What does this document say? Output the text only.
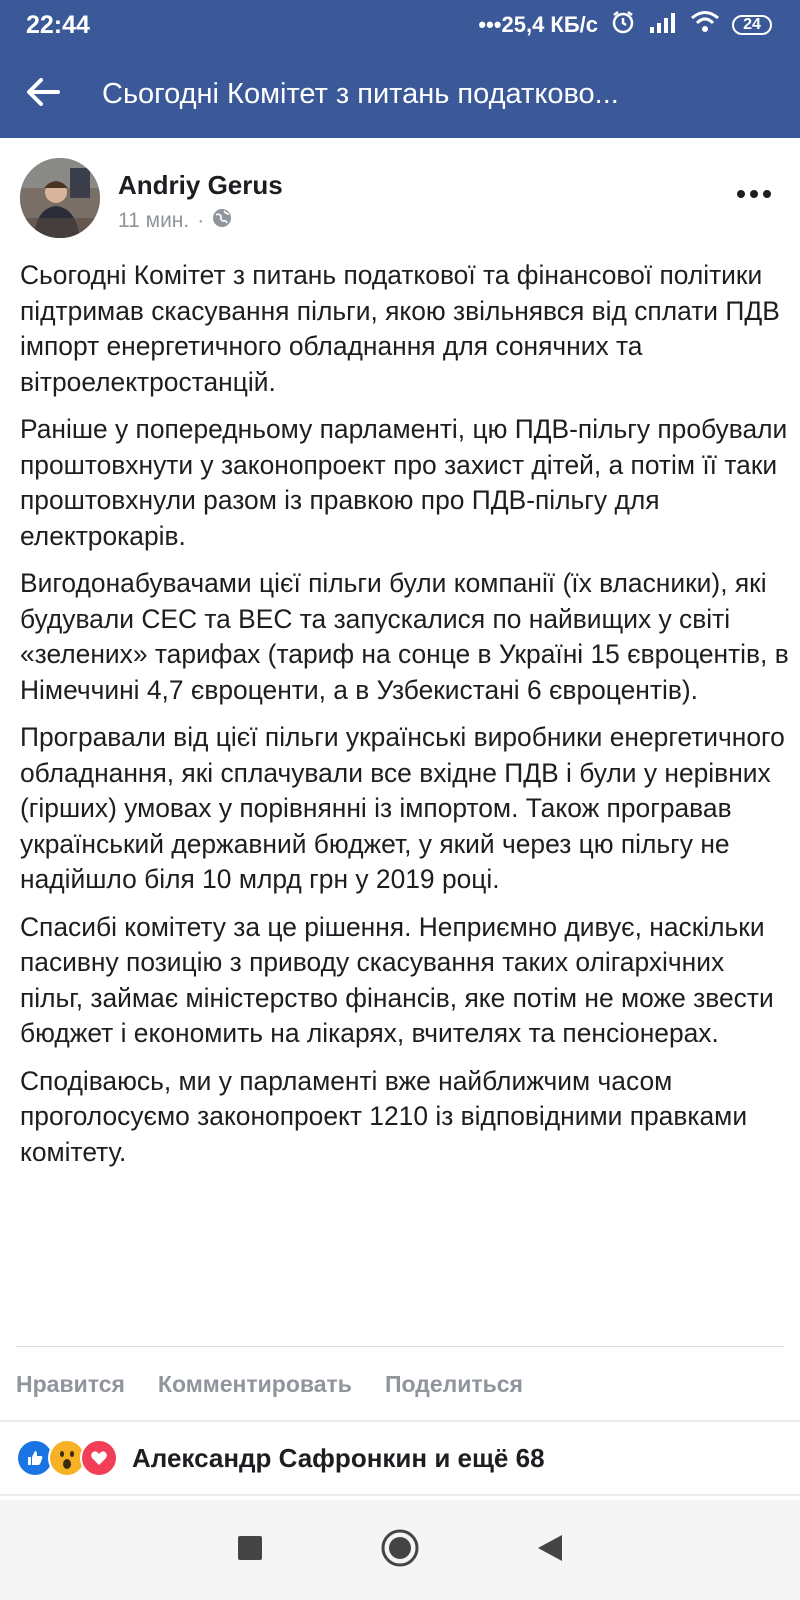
22:44	•••25,4 КБ/с	24
Сьогодні Комітет з питань податково...
Andriy Gerus
11 мин. ·

Сьогодні Комітет з питань податкової та фінансової політики підтримав скасування пільги, якою звільнявся від сплати ПДВ імпорт енергетичного обладнання для сонячних та вітроелектростанцій.

Раніше у попередньому парламенті, цю ПДВ-пільгу пробували проштовхнути у законопроект про захист дітей, а потім її таки проштовхнули разом із правкою про ПДВ-пільгу для електрокарів.

Вигодонабувачами цієї пільги були компанії (їх власники), які будували СЕС та ВЕС та запускалися по найвищих у світі «зелених» тарифах (тариф на сонце в Україні 15 євроцентів, в Німеччині 4,7 євроценти, а в Узбекистані 6 євроцентів).

Програвали від цієї пільги українські виробники енергетичного обладнання, які сплачували все вхідне ПДВ і були у нерівних (гірших) умовах у порівнянні із імпортом. Також програвав український державний бюджет, у який через цю пільгу не надійшло біля 10 млрд грн у 2019 році.

Спасибі комітету за це рішення. Неприємно дивує, наскільки пасивну позицію з приводу скасування таких олігархічних пільг, займає міністерство фінансів, яке потім не може звести бюджет і економить на лікарях, вчителях та пенсіонерах.

Сподіваюсь, ми у парламенті вже найближчим часом проголосуємо законопроект 1210 із відповідними правками комітету.

Нравится Комментировать Поделиться
Александр Сафронкин и ещё 68
